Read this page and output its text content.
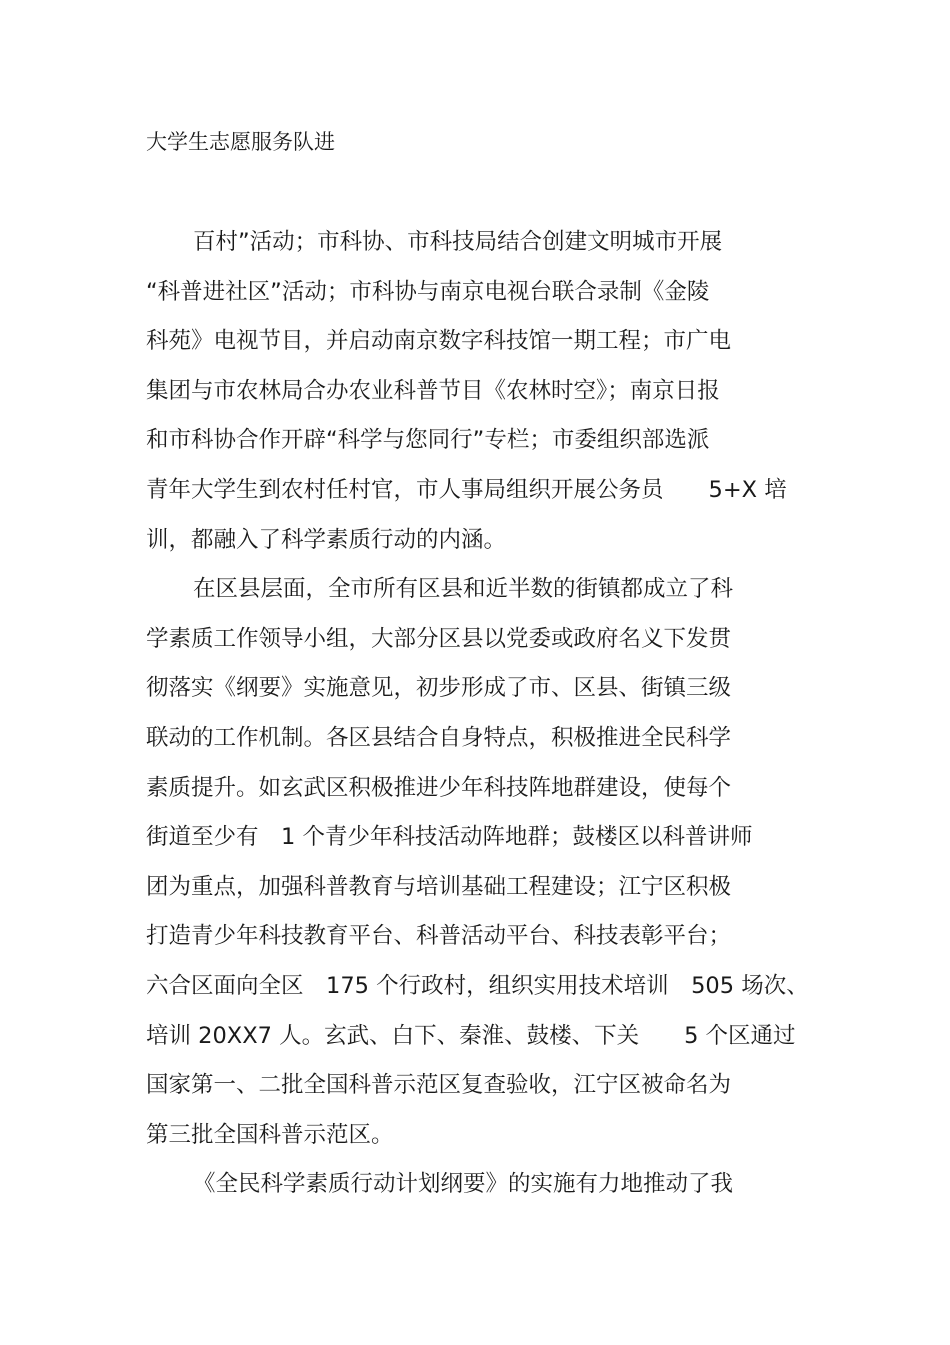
大学生志愿服务队进
百村”活动；市科协、市科技局结合创建文明城市开展
“科普进社区”活动；市科协与南京电视台联合录制《金陵
科苑》电视节目，并启动南京数字科技馆一期工程；市广电
集团与市农林局合办农业科普节目《农林时空》；南京日报
和市科协合作开辟“科学与您同行”专栏；市委组织部选派
青年大学生到农村任村官，市人事局组织开展公务员　　5+X 培
训，都融入了科学素质行动的内涵。
在区县层面，全市所有区县和近半数的街镇都成立了科
学素质工作领导小组，大部分区县以党委或政府名义下发贯
彻落实《纲要》实施意见，初步形成了市、区县、街镇三级
联动的工作机制。各区县结合自身特点，积极推进全民科学
素质提升。如玄武区积极推进少年科技阵地群建设，使每个
街道至少有　1 个青少年科技活动阵地群；鼓楼区以科普讲师
团为重点，加强科普教育与培训基础工程建设；江宁区积极
打造青少年科技教育平台、科普活动平台、科技表彰平台；
六合区面向全区　175 个行政村，组织实用技术培训　505 场次、
培训 20XX7 人。玄武、白下、秦淮、鼓楼、下关　　5 个区通过
国家第一、二批全国科普示范区复查验收，江宁区被命名为
第三批全国科普示范区。
《全民科学素质行动计划纲要》的实施有力地推动了我
